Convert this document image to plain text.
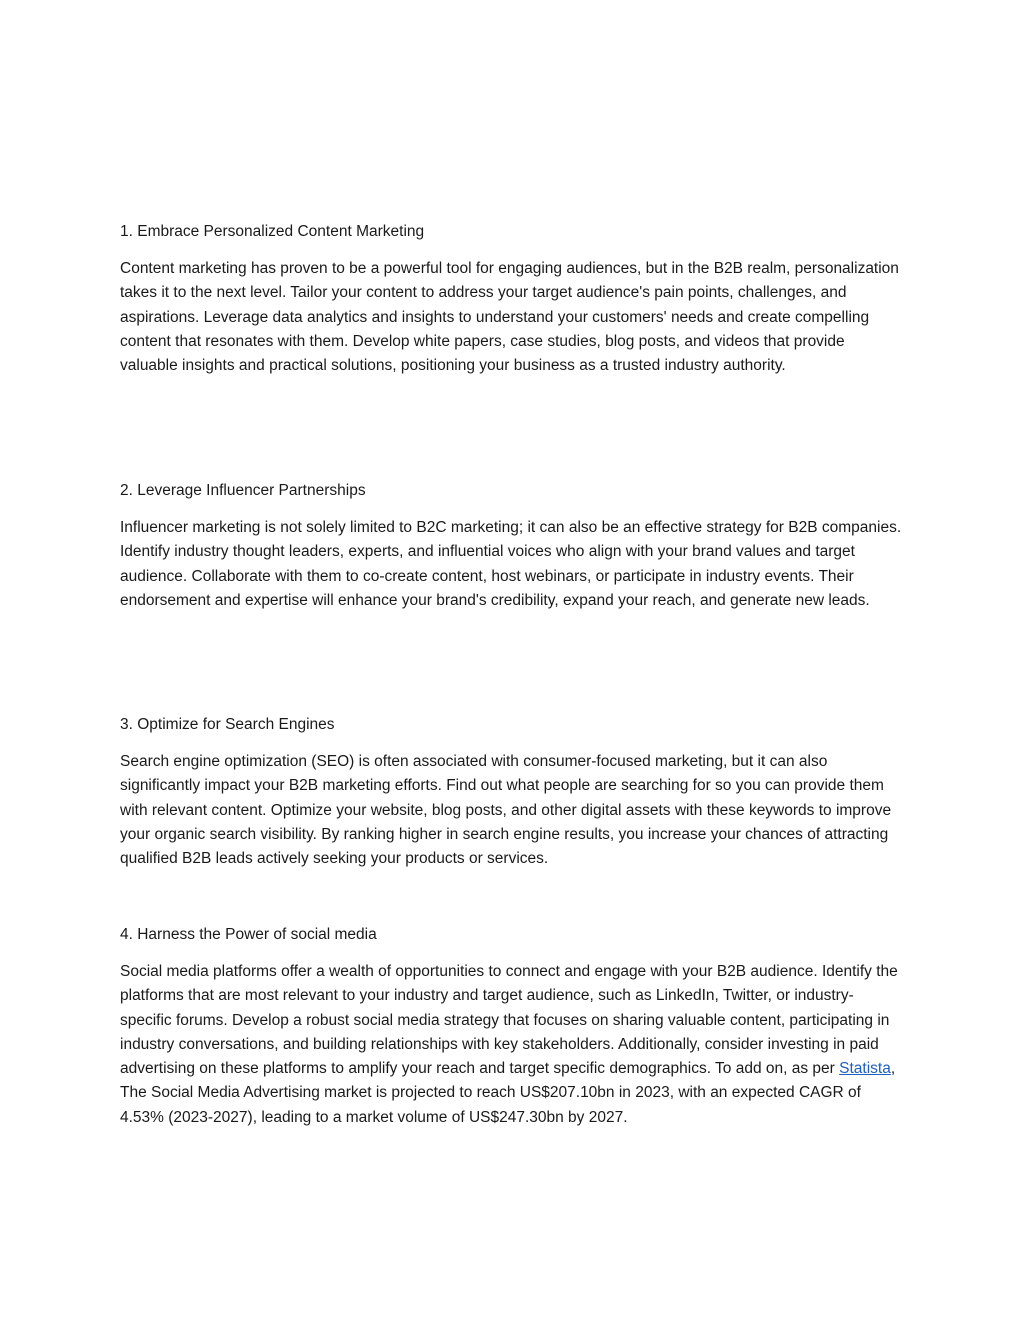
1. Embrace Personalized Content Marketing

Content marketing has proven to be a powerful tool for engaging audiences, but in the B2B realm, personalization takes it to the next level. Tailor your content to address your target audience's pain points, challenges, and aspirations. Leverage data analytics and insights to understand your customers' needs and create compelling content that resonates with them. Develop white papers, case studies, blog posts, and videos that provide valuable insights and practical solutions, positioning your business as a trusted industry authority.

2. Leverage Influencer Partnerships

Influencer marketing is not solely limited to B2C marketing; it can also be an effective strategy for B2B companies. Identify industry thought leaders, experts, and influential voices who align with your brand values and target audience. Collaborate with them to co-create content, host webinars, or participate in industry events. Their endorsement and expertise will enhance your brand's credibility, expand your reach, and generate new leads.

3. Optimize for Search Engines

Search engine optimization (SEO) is often associated with consumer-focused marketing, but it can also significantly impact your B2B marketing efforts. Find out what people are searching for so you can provide them with relevant content. Optimize your website, blog posts, and other digital assets with these keywords to improve your organic search visibility. By ranking higher in search engine results, you increase your chances of attracting qualified B2B leads actively seeking your products or services.

4. Harness the Power of social media

Social media platforms offer a wealth of opportunities to connect and engage with your B2B audience. Identify the platforms that are most relevant to your industry and target audience, such as LinkedIn, Twitter, or industry-specific forums. Develop a robust social media strategy that focuses on sharing valuable content, participating in industry conversations, and building relationships with key stakeholders. Additionally, consider investing in paid advertising on these platforms to amplify your reach and target specific demographics. To add on, as per Statista, The Social Media Advertising market is projected to reach US$207.10bn in 2023, with an expected CAGR of 4.53% (2023-2027), leading to a market volume of US$247.30bn by 2027.
